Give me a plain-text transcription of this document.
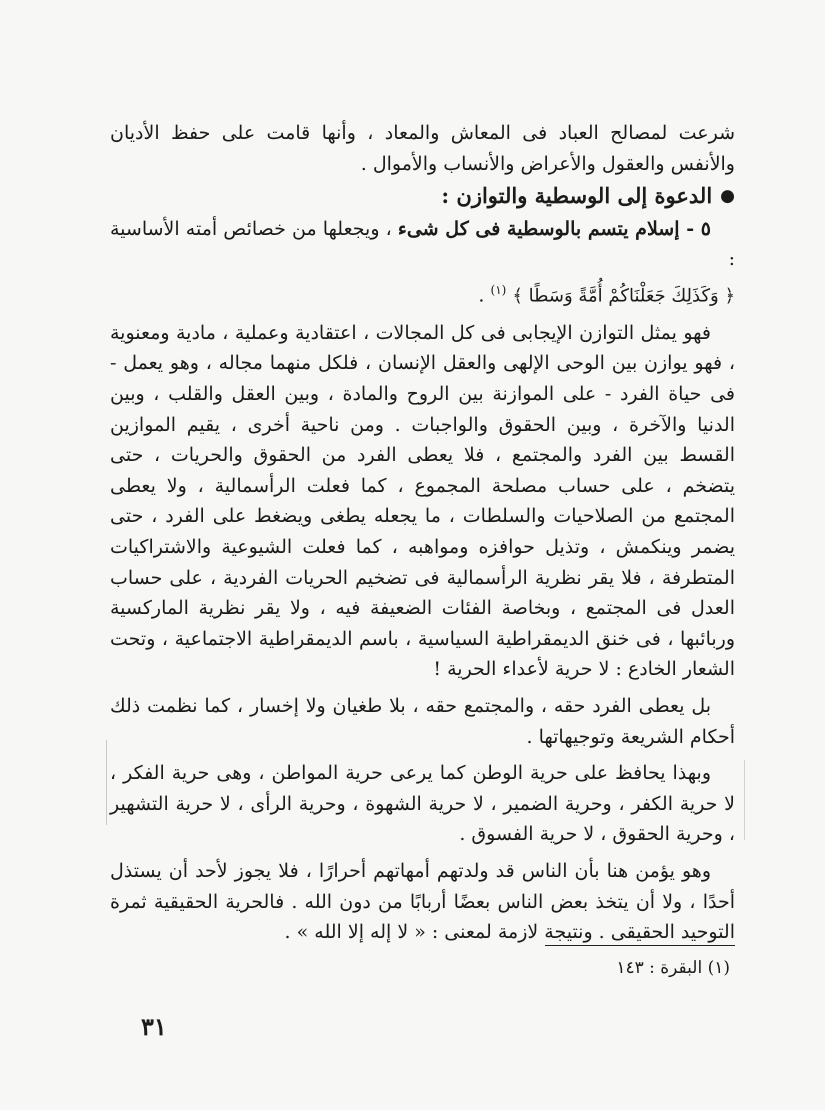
شرعت لمصالح العباد فى المعاش والمعاد ، وأنها قامت على حفظ الأديان والأنفس والعقول والأعراض والأنساب والأموال .

●
الدعوة إلى الوسطية والتوازن :

٥ - إسلام يتسم بالوسطية فى كل شىء ، ويجعلها من خصائص أمته الأساسية :
﴿ وَكَذَلِكَ جَعَلْنَاكُمْ أُمَّةً وَسَطًا ﴾ $^{(١)}$ .

فهو يمثل التوازن الإيجابى فى كل المجالات ، اعتقادية وعملية ، مادية ومعنوية ، فهو يوازن بين الوحى الإلهى والعقل الإنسان ، فلكل منهما مجاله ، وهو يعمل - فى حياة الفرد - على الموازنة بين الروح والمادة ، وبين العقل والقلب ، وبين الدنيا والآخرة ، وبين الحقوق والواجبات . ومن ناحية أخرى ، يقيم الموازين القسط بين الفرد والمجتمع ، فلا يعطى الفرد من الحقوق والحريات ، حتى يتضخم ، على حساب مصلحة المجموع ، كما فعلت الرأسمالية ، ولا يعطى المجتمع من الصلاحيات والسلطات ، ما يجعله يطغى ويضغط على الفرد ، حتى يضمر وينكمش ، وتذيل حوافزه ومواهبه ، كما فعلت الشيوعية والاشتراكيات المتطرفة ، فلا يقر نظرية الرأسمالية فى تضخيم الحريات الفردية ، على حساب العدل فى المجتمع ، وبخاصة الفئات الضعيفة فيه ، ولا يقر نظرية الماركسية وربائبها ، فى خنق الديمقراطية السياسية ، باسم الديمقراطية الاجتماعية ، وتحت الشعار الخادع : لا حرية لأعداء الحرية !

بل يعطى الفرد حقه ، والمجتمع حقه ، بلا طغيان ولا إخسار ، كما نظمت ذلك أحكام الشريعة وتوجيهاتها .

وبهذا يحافظ على حرية الوطن كما يرعى حرية المواطن ، وهى حرية الفكر ، لا حرية الكفر ، وحرية الضمير ، لا حرية الشهوة ، وحرية الرأى ، لا حرية التشهير ، وحرية الحقوق ، لا حرية الفسوق .

وهو يؤمن هنا بأن الناس قد ولدتهم أمهاتهم أحرارًا ، فلا يجوز لأحد أن يستذل أحدًا ، ولا أن يتخذ بعض الناس بعضًا أربابًا من دون الله . فالحرية الحقيقية ثمرة التوحيد الحقيقى . ونتيجة لازمة لمعنى : « لا إله إلا الله » .

(١) البقرة : ١٤٣
٣١
